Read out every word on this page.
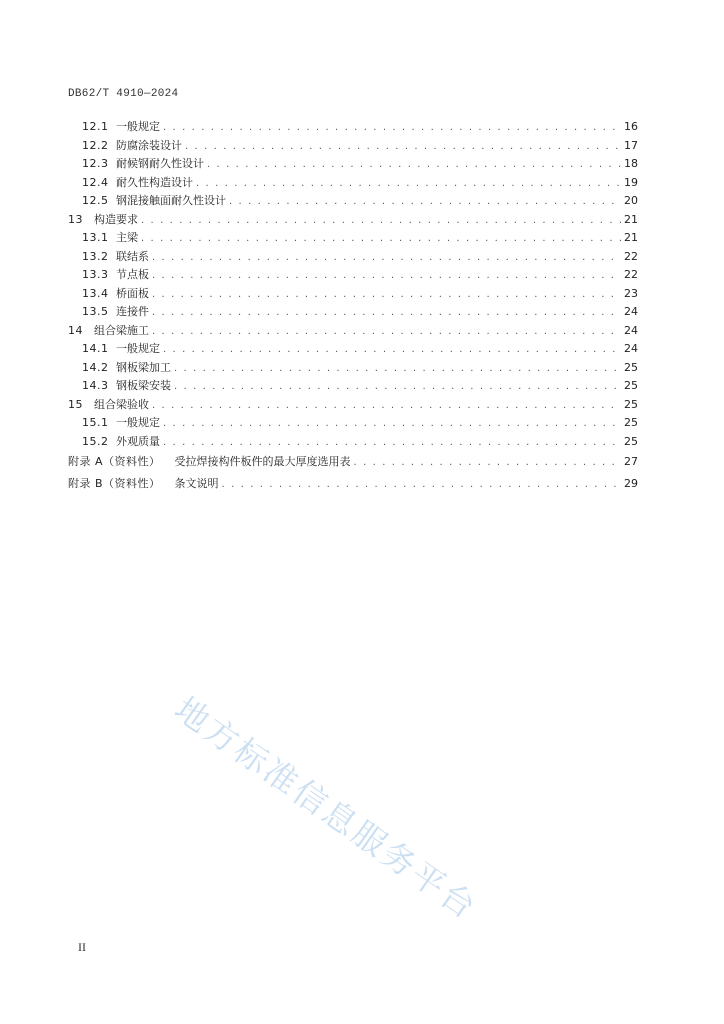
DB62/T 4910—2024
12.1 一般规定 . . .	16
12.2 防腐涂装设计 . . .	17
12.3 耐候钢耐久性设计 . . .	18
12.4 耐久性构造设计 . . .	19
12.5 钢混接触面耐久性设计 . . .	20
13	构造要求 . . .	21
13.1 主梁 . . .	21
13.2 联结系 . . .	22
13.3 节点板 . . .	22
13.4 桥面板 . . .	23
13.5 连接件 . . .	24
14	组合梁施工 . . .	24
14.1 一般规定 . . .	24
14.2 钢板梁加工 . . .	25
14.3 钢板梁安装 . . .	25
15	组合梁验收 . . .	25
15.1 一般规定 . . .	25
15.2 外观质量 . . .	25
附录 A（资料性） 受拉焊接构件板件的最大厚度选用表 . . .	27
附录 B（资料性） 条文说明 . . .	29
地方标准信息服务平台
II
